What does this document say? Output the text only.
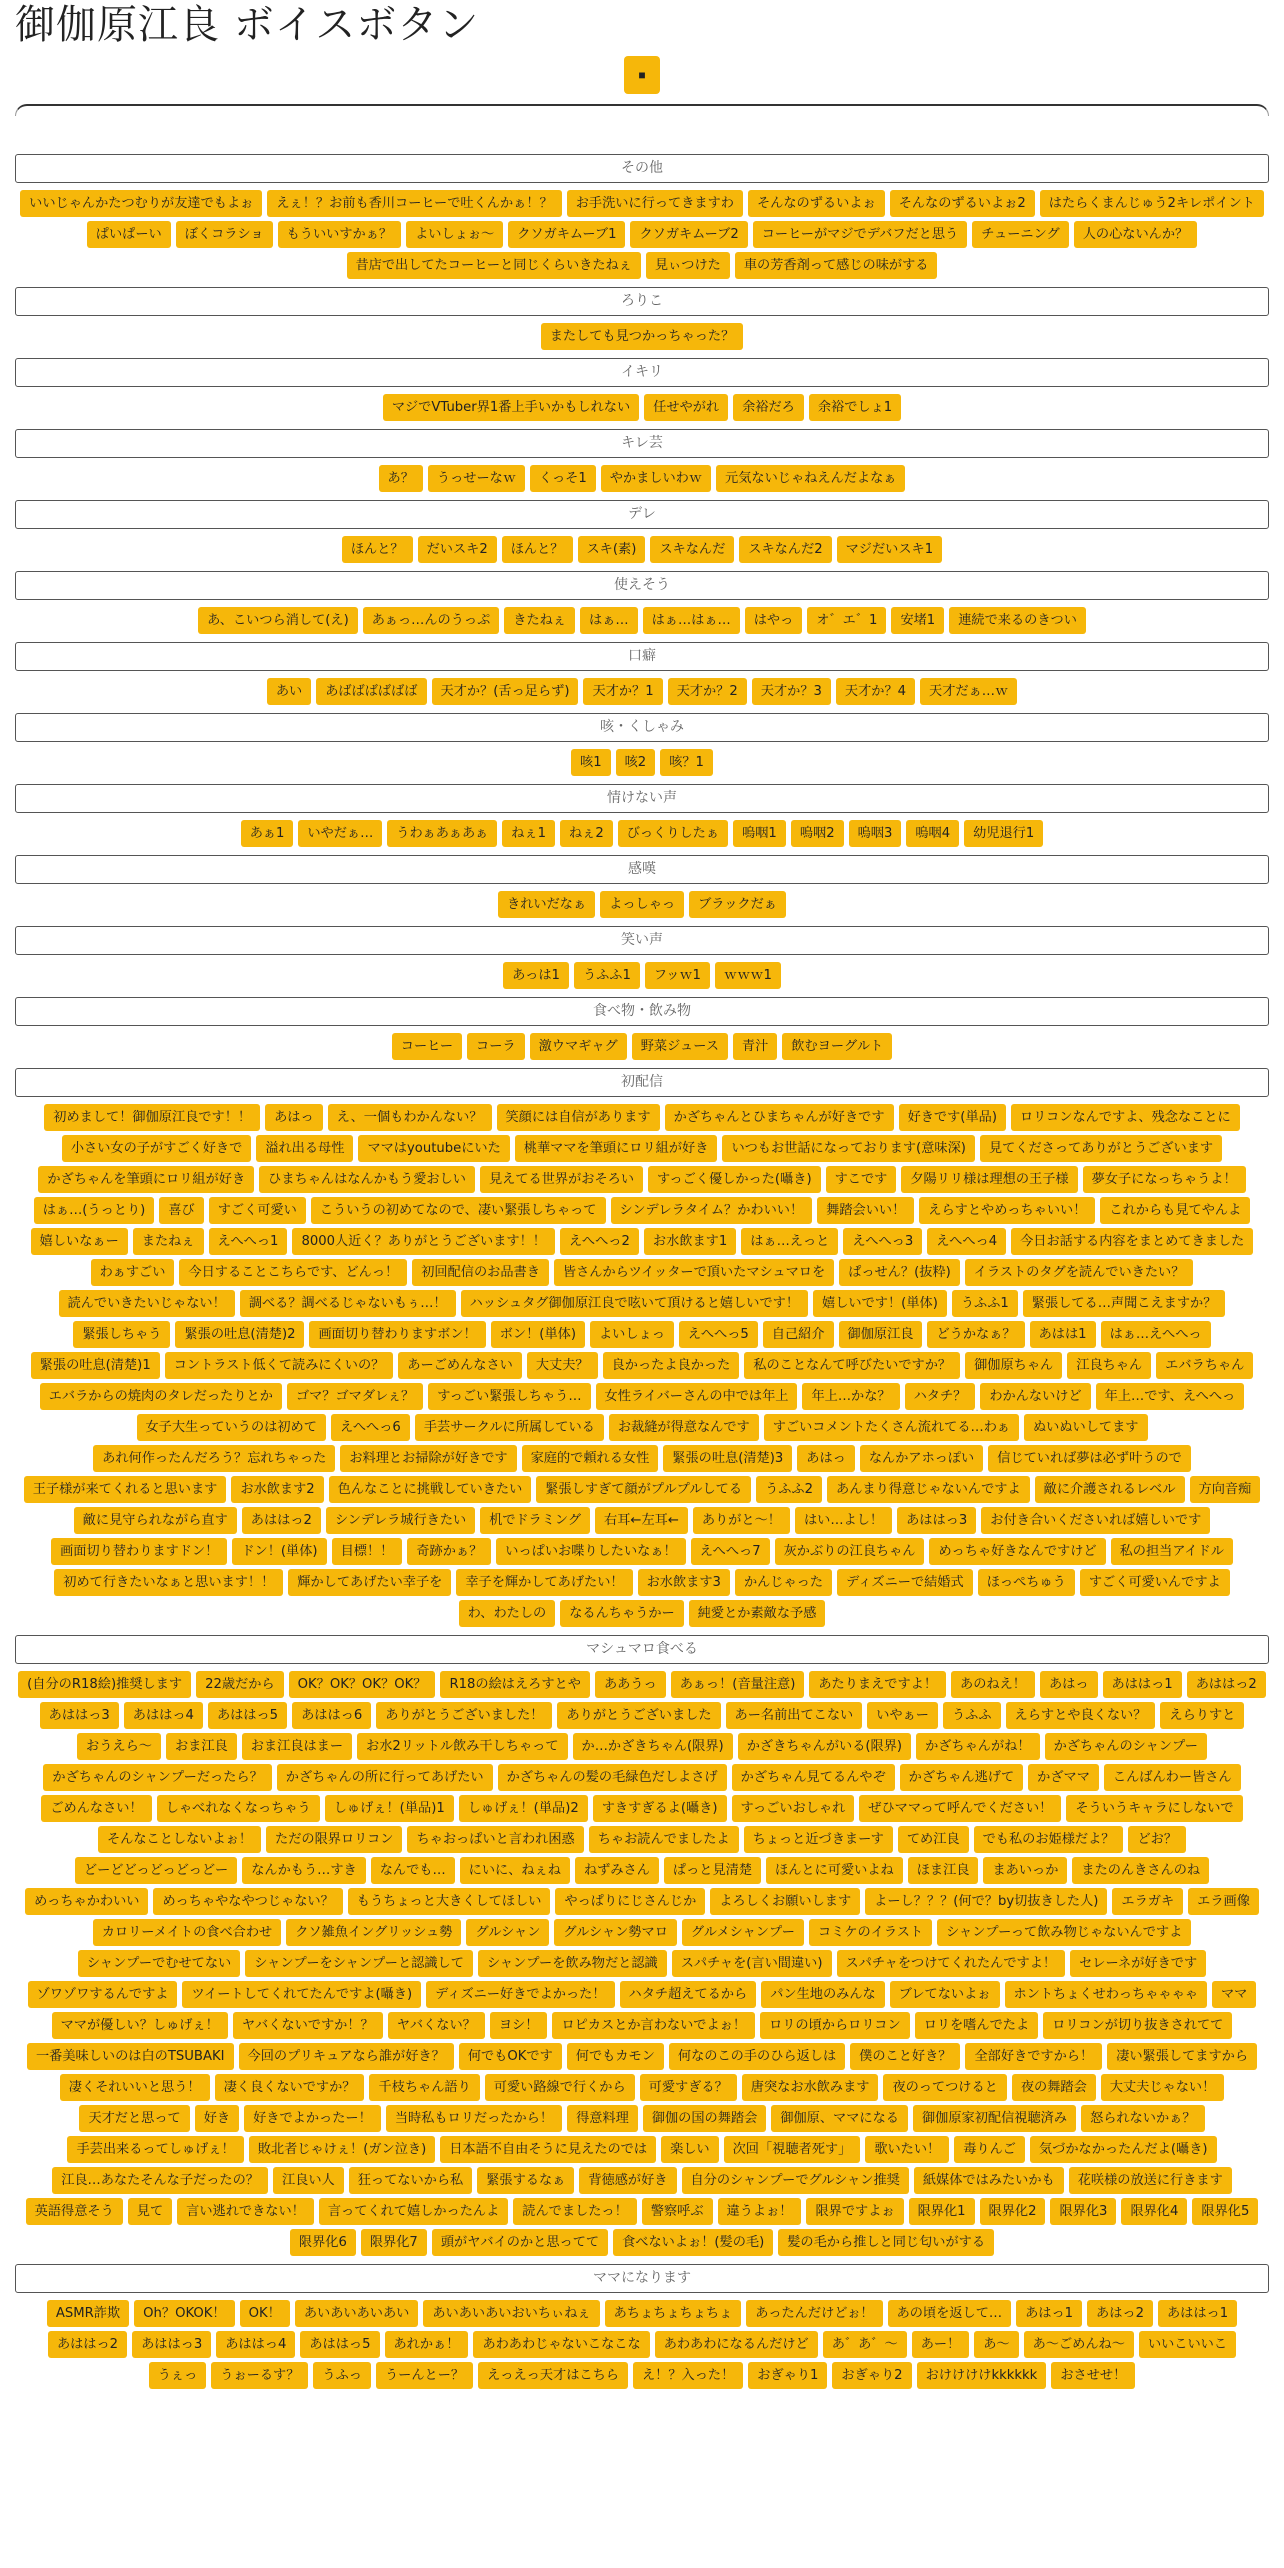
御伽原江良 ボイスボタン
■
その他
いいじゃんかたつむりが友達でもよぉ えぇ！？お前も香川コーヒーで吐くんかぁ！？ お手洗いに行ってきますわ そんなのずるいよぉ そんなのずるいよぉ2 はたらくまんじゅう2キレポイントぱいぱーい ぼくコラショ もういいすかぁ？ よいしょぉ～ クソガキムーブ1 クソガキムーブ2 コーヒーがマジでデバフだと思う チューニング 人の心ないんか？昔店で出してたコーヒーと同じくらいきたねぇ 見ぃつけた 車の芳香剤って感じの味がする
ろりこ
またしても見つかっちゃった？
イキリ
マジでVTuber界1番上手いかもしれない 任せやがれ 余裕だろ 余裕でしょ1
キレ芸
あ？ うっせーなｗ くっそ1 やかましいわｗ 元気ないじゃねえんだよなぁ
デレ
ほんと？ だいスキ2 ほんと？ スキ(素) スキなんだ スキなんだ2 マジだいスキ1
使えそう
あ、こいつら消して(え) あぁっ…んのうっぷ きたねぇ はぁ… はぁ…はぁ… はやっ オ゛エ゛1 安堵1 連続で来るのきつい
口癖
あい あばばばばばば 天才か？(舌っ足らず) 天才か？1 天才か？2 天才か？3 天才か？4 天才だぁ…ｗ
咳・くしゃみ
咳1 咳2 咳？1
情けない声
あぁ1 いやだぁ… うわぁあぁあぁ ねぇ1 ねぇ2 びっくりしたぁ 嗚咽1 嗚咽2 嗚咽3 嗚咽4 幼児退行1
感嘆
きれいだなぁ よっしゃっ ブラックだぁ
笑い声
あっは1 うふふ1 フッｗ1 ｗｗｗ1
食べ物・飲み物
コーヒー コーラ 激ウマギャグ 野菜ジュース 青汁 飲むヨーグルト
初配信
初めまして！御伽原江良です！！ あはっ え、一個もわかんない？ 笑顔には自信があります かざちゃんとひまちゃんが好きです 好きです(単品) ロリコンなんですよ、残念なことに小さい女の子がすごく好きで 溢れ出る母性 ママはyoutubeにいた 桃華ママを筆頭にロリ組が好き いつもお世話になっております(意味深) 見てくださってありがとうございますかざちゃんを筆頭にロリ組が好き ひまちゃんはなんかもう愛おしい 見えてる世界がおそろい すっごく優しかった(囁き) すこです 夕陽リリ様は理想の王子様 夢女子になっちゃうよ！はぁ…(うっとり) 喜び すごく可愛い こういうの初めてなので、凄い緊張しちゃって シンデレラタイム？かわいい！ 舞踏会いい！ えらすとやめっちゃいい！ これからも見てやんよ嬉しいなぁー またねぇ えへへっ1 8000人近く？ありがとうございます！！ えへへっ2 お水飲ます1 はぁ…えっと えへへっ3 えへへっ4 今日お話する内容をまとめてきましたわぁすごい 今日することこちらです、どんっ！ 初回配信のお品書き 皆さんからツイッターで頂いたマシュマロを ぱっせん？(抜粋) イラストのタグを読んでいきたい？読んでいきたいじゃない！ 調べる？調べるじゃないもぅ…！ ハッシュタグ御伽原江良で呟いて頂けると嬉しいです！ 嬉しいです！(単体) うふふ1 緊張してる…声聞こえますか？緊張しちゃう 緊張の吐息(清楚)2 画面切り替わりますボン！ ボン！(単体) よいしょっ えへへっ5 自己紹介 御伽原江良 どうかなぁ？ あはは1 はぁ…えへへっ緊張の吐息(清楚)1 コントラスト低くて読みにくいの？ あーごめんなさい 大丈夫？ 良かったよ良かった 私のことなんて呼びたいですか？ 御伽原ちゃん 江良ちゃん エバラちゃんエバラからの焼肉のタレだったりとか ゴマ？ゴマダレぇ？ すっごい緊張しちゃう… 女性ライバーさんの中では年上 年上…かな？ ハタチ？ わかんないけど 年上…です、えへへっ女子大生っていうのは初めて えへへっ6 手芸サークルに所属している お裁縫が得意なんです すごいコメントたくさん流れてる…わぁ ぬいぬいしてますあれ何作ったんだろう？忘れちゃった お料理とお掃除が好きです 家庭的で頼れる女性 緊張の吐息(清楚)3 あはっ なんかアホっぽい 信じていれば夢は必ず叶うので王子様が来てくれると思います お水飲ます2 色んなことに挑戦していきたい 緊張しすぎて顔がプルプルしてる うふふ2 あんまり得意じゃないんですよ 敵に介護されるレベル 方向音痴敵に見守られながら直す あははっ2 シンデレラ城行きたい 机でドラミング 右耳←左耳← ありがと～！ はい…よし！ あははっ3 お付き合いくださいれば嬉しいです画面切り替わりますドン！ ドン！(単体) 目標！！ 奇跡かぁ？ いっぱいお喋りしたいなぁ！ えへへっ7 灰かぶりの江良ちゃん めっちゃ好きなんですけど 私の担当アイドル初めて行きたいなぁと思います！！ 輝かしてあげたい幸子を 幸子を輝かしてあげたい！ お水飲ます3 かんじゃった ディズニーで結婚式 ほっぺちゅう すごく可愛いんですよわ、わたしの なるんちゃうかー 純愛とか素敵な予感
マシュマロ食べる
(自分のR18絵)推奨します 22歳だから OK？OK？OK？OK？ R18の絵はえろすとや ああうっ あぁっ！(音量注意) あたりまえですよ！ あのねえ！ あはっ あははっ1 あははっ2あははっ3 あははっ4 あははっ5 あははっ6 ありがとうございました！ ありがとうございました あー名前出てこない いやぁー うふふ えらすとや良くない？ えらりすとおうえら～ おま江良 おま江良はまー お水2リットル飲み干しちゃって か…かざきちゃん(限界) かざきちゃんがいる(限界) かざちゃんがね！ かざちゃんのシャンプーかざちゃんのシャンプーだったら？ かざちゃんの所に行ってあげたい かざちゃんの髪の毛緑色だしよさげ かざちゃん見てるんやぞ かざちゃん逃げて かざママ こんばんわー皆さんごめんなさい！ しゃべれなくなっちゃう しゅげぇ！(単品)1 しゅげぇ！(単品)2 すきすぎるよ(囁き) すっごいおしゃれ ぜひママって呼んでください！ そういうキャラにしないでそんなことしないよぉ！ ただの限界ロリコン ちゃおっぱいと言われ困惑 ちゃお読んでましたよ ちょっと近づきまーす てめ江良 でも私のお姫様だよ？ どお？どーどどっどっどっどー なんかもう…すき なんでも… にいに、ねぇね ねずみさん ぱっと見清楚 ほんとに可愛いよね ほま江良 まあいっか またのんきさんのねめっちゃかわいい めっちゃやなやつじゃない？ もうちょっと大きくしてほしい やっぱりにじさんじか よろしくお願いします よーし？？？(何で？by切抜きした人) エラガキ エラ画像カロリーメイトの食べ合わせ クソ雑魚イングリッシュ勢 グルシャン グルシャン勢マロ グルメシャンプー コミケのイラスト シャンプーって飲み物じゃないんですよシャンプーでむせてない シャンプーをシャンプーと認識して シャンプーを飲み物だと認識 スパチャを(言い間違い) スパチャをつけてくれたんですよ！ セレーネが好きですゾワゾワするんですよ ツイートしてくれてたんですよ(囁き) ディズニー好きでよかった！ ハタチ超えてるから パン生地のみんな ブレてないよぉ ホントちょくせわっちゃゃゃゃ ママママが優しい？しゅげぇ！ ヤバくないですか！？ ヤバくない？ ヨシ！ ロピカスとか言わないでよぉ！ ロリの頃からロリコン ロリを嗜んでたよ ロリコンが切り抜きされてて一番美味しいのは白のTSUBAKI 今回のプリキュアなら誰が好き？ 何でもOKです 何でもカモン 何なのこの手のひら返しは 僕のこと好き？ 全部好きですから！ 凄い緊張してますから凄くそれいいと思う！ 凄く良くないですか？ 千枝ちゃん語り 可愛い路線で行くから 可愛すぎる？ 唐突なお水飲みます 夜のってつけると 夜の舞踏会 大丈夫じゃない！天才だと思って 好き 好きでよかったー！ 当時私もロリだったから！ 得意料理 御伽の国の舞踏会 御伽原、ママになる 御伽原家初配信視聴済み 怒られないかぁ？手芸出来るってしゅげぇ！ 敗北者じゃけぇ！(ガン泣き) 日本語不自由そうに見えたのでは 楽しい 次回「視聴者死す」 歌いたい！ 毒りんご 気づかなかったんだよ(囁き)江良…あなたそんな子だったの？ 江良い人 狂ってないから私 緊張するなぁ 背徳感が好き 自分のシャンプーでグルシャン推奨 紙媒体ではみたいかも 花咲様の放送に行きます英語得意そう 見て 言い逃れできない！ 言ってくれて嬉しかったんよ 読んでましたっ！ 警察呼ぶ 違うよぉ！ 限界ですよぉ 限界化1 限界化2 限界化3 限界化4 限界化5限界化6 限界化7 頭がヤバイのかと思ってて 食べないよぉ！(髪の毛) 髪の毛から推しと同じ匂いがする
ママになります
ASMR詐欺 Oh？OKOK！ OK！ あいあいあいあい あいあいあいおいちぃねぇ あちょちょちょちょ あったんだけどぉ！ あの頃を返して… あはっ1 あはっ2 あははっ1あははっ2 あははっ3 あははっ4 あははっ5 あれかぁ！ あわあわじゃないこなこな あわあわになるんだけど あ゛あ゛～ あー！ あ～ あ～ごめんね～ いいこいいこうぇっ うぉーるす？ うふっ うーんとー？ えっえっ天才はこちら え！？入った！ おぎゃり1 おぎゃり2 おけけけけkkkkkk おさせせ！
